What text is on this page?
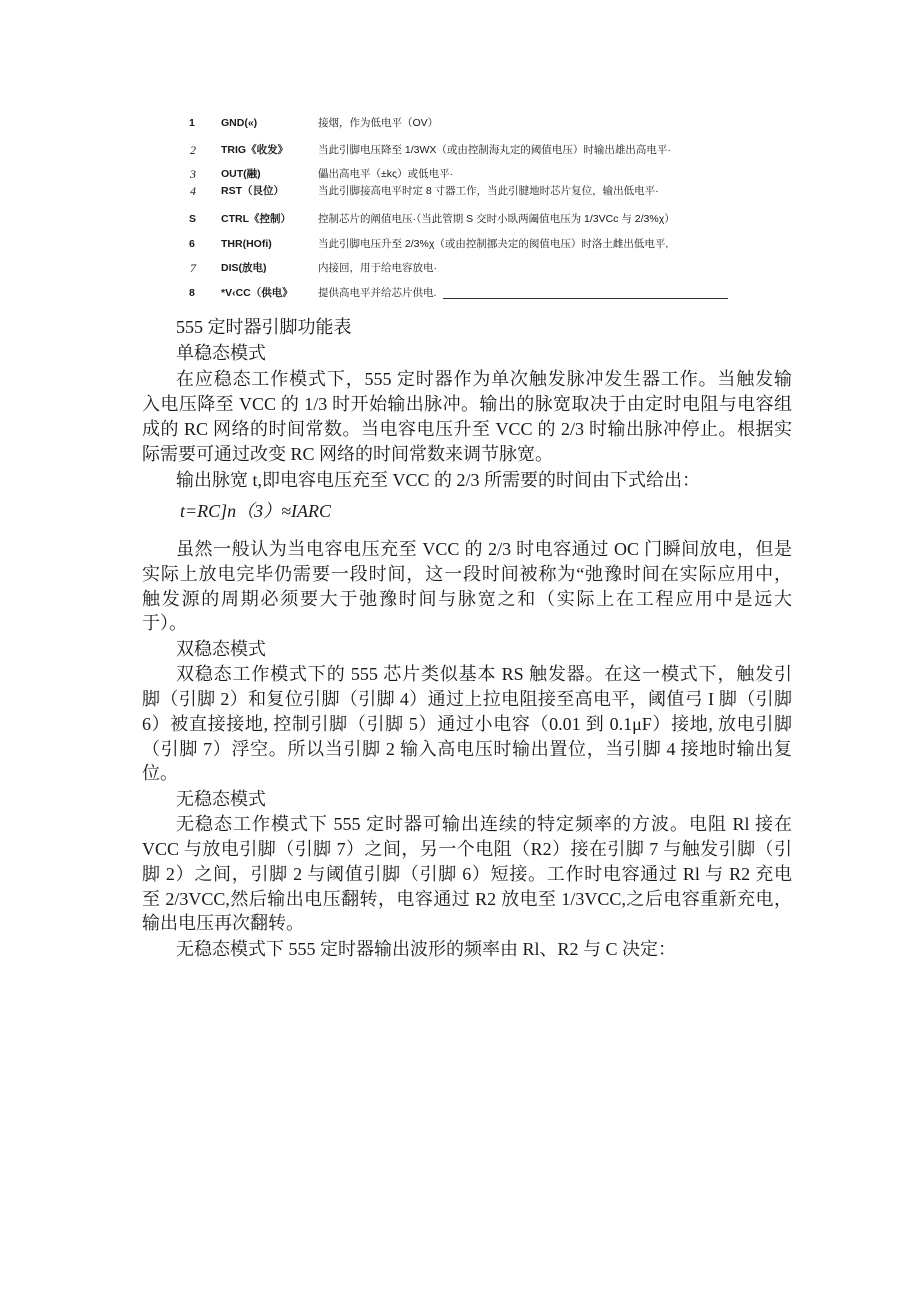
1 GND(«)	接烟，作为低电平（OV）
2 TRIG《收发》	当此引脚电压降至 1/3WX（或由控制海丸定的阈值电压）时输出雄出高电平·
3 OUT(融)	儡出高电平（±kς）或低电平·
4 RST（艮位）	当此引脚接高电平时定 8 寸器工作，当此引腱地时芯片复位，输出低电平·
S CTRL《控制）	控制芯片的阐值电压·（当此管期 S 交时小臥两阖值电压为 1/3VCc 与 2/3%χ）
6 THR(HOfi)	当此引脚电压升至 2/3%χ（或由控制挪夬定的阂值电压）时洛土雌出低电平,
7 DIS(放电)	内接回，用于给电容放电·
8 *V‹CC（供电》 提供高电平并给芯片供电.
555 定时器引脚功能表
单稳态模式
在应稳态工作模式下，555 定时器作为单次触发脉冲发生器工作。当触发输
入电压降至 VCC 的 1/3 时开始输出脉冲。输出的脉宽取决于由定时电阻与电容组
成的 RC 网络的时间常数。当电容电压升至 VCC 的 2/3 时输出脉冲停止。根据实
际需要可通过改变 RC 网络的时间常数来调节脉宽。
输出脉宽 t,即电容电压充至 VCC 的 2/3 所需要的时间由下式给出：
t=RC]n（3）≈IARC
虽然一般认为当电容电压充至 VCC 的 2/3 时电容通过 OC 门瞬间放电，但是
实际上放电完毕仍需要一段时间，这一段时间被称为“弛豫时间在实际应用中，
触发源的周期必须要大于弛豫时间与脉宽之和（实际上在工程应用中是远大
于）。
双稳态模式
双稳态工作模式下的 555 芯片类似基本 RS 触发器。在这一模式下，触发引
脚（引脚 2）和复位引脚（引脚 4）通过上拉电阻接至高电平，阈值弓 I 脚（引脚
6）被直接接地, 控制引脚（引脚 5）通过小电容（0.01 到 0.1μF）接地, 放电引脚
（引脚 7）浮空。所以当引脚 2 输入高电压时输出置位，当引脚 4 接地时输出复
位。
无稳态模式
无稳态工作模式下 555 定时器可输出连续的特定频率的方波。电阻 Rl 接在
VCC 与放电引脚（引脚 7）之间，另一个电阻（R2）接在引脚 7 与触发引脚（引
脚 2）之间，引脚 2 与阈值引脚（引脚 6）短接。工作时电容通过 Rl 与 R2 充电
至 2/3VCC,然后输出电压翻转，电容通过 R2 放电至 1/3VCC,之后电容重新充电，
输出电压再次翻转。
无稳态模式下 555 定时器输出波形的频率由 Rl、R2 与 C 决定：
